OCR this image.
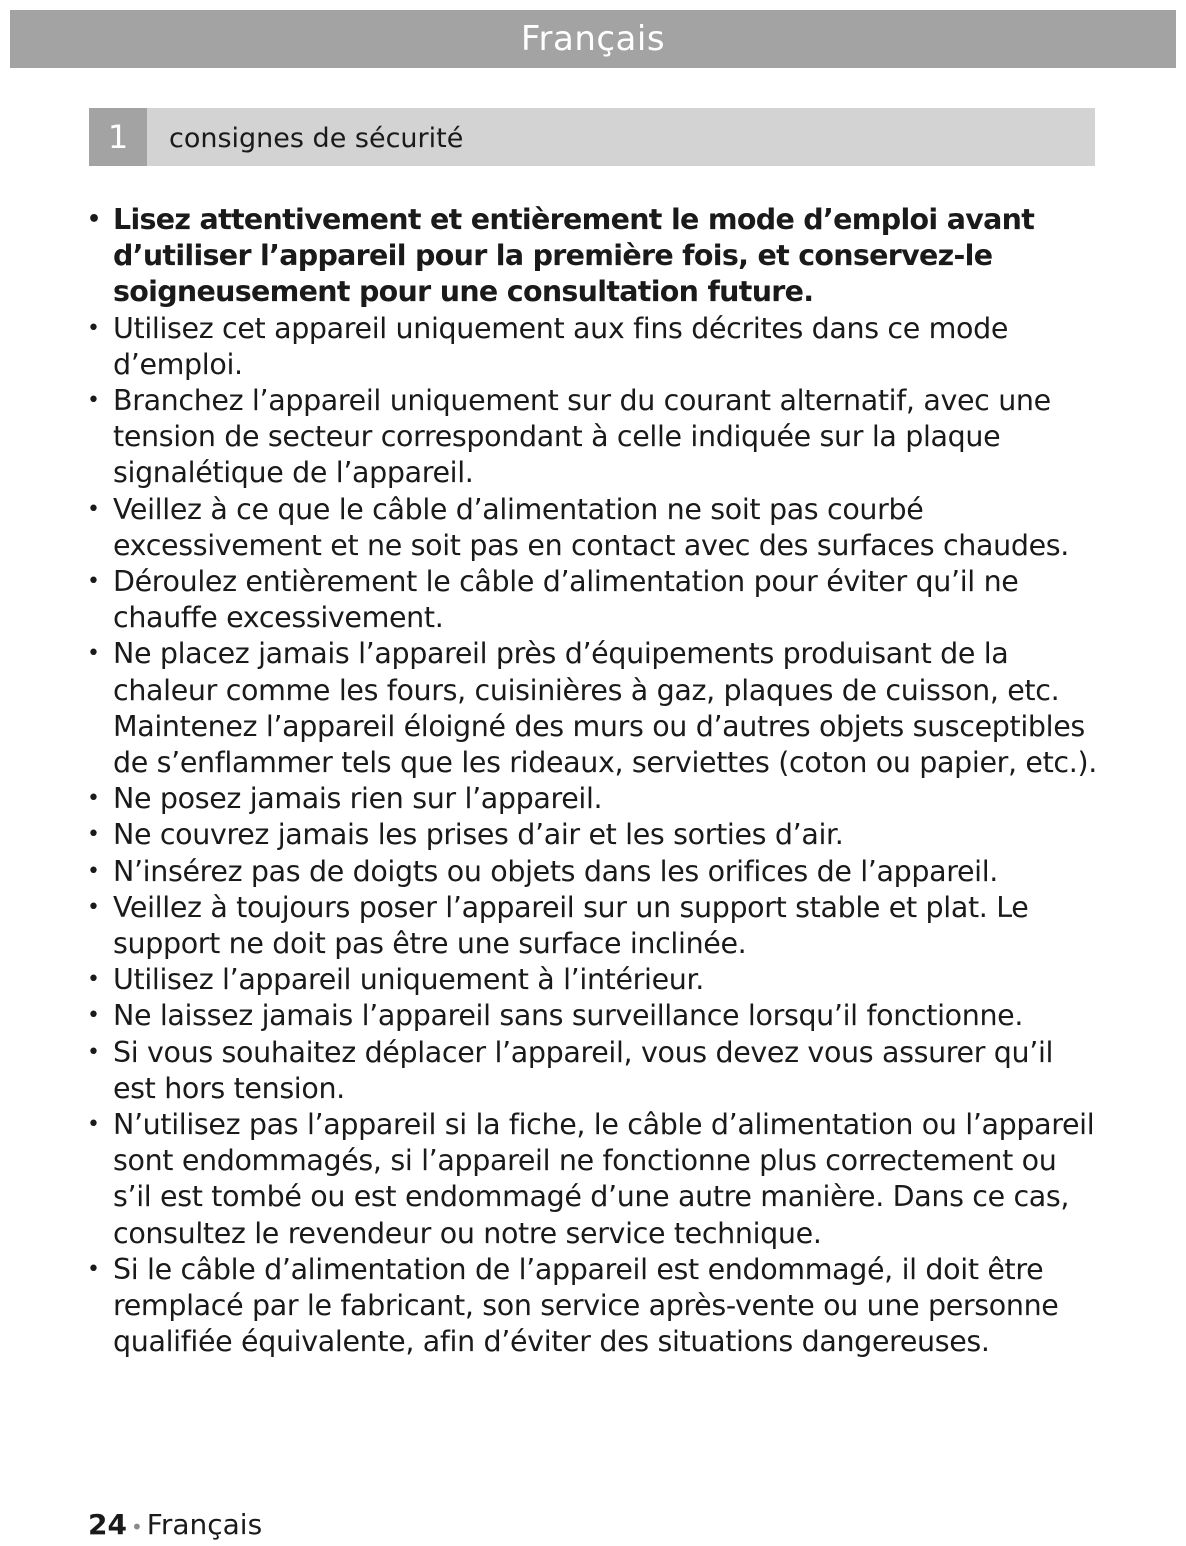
Français
1	consignes de sécurité
• Lisez attentivement et entièrement le mode d’emploi avant d’utiliser l’appareil pour la première fois, et conservez-le soigneusement pour une consultation future.
• Utilisez cet appareil uniquement aux fins décrites dans ce mode d’emploi.
• Branchez l’appareil uniquement sur du courant alternatif, avec une tension de secteur correspondant à celle indiquée sur la plaque signalétique de l’appareil.
• Veillez à ce que le câble d’alimentation ne soit pas courbé excessivement et ne soit pas en contact avec des surfaces chaudes.
• Déroulez entièrement le câble d’alimentation pour éviter qu’il ne chauffe excessivement.
• Ne placez jamais l’appareil près d’équipements produisant de la chaleur comme les fours, cuisinières à gaz, plaques de cuisson, etc. Maintenez l’appareil éloigné des murs ou d’autres objets susceptibles de s’enflammer tels que les rideaux, serviettes (coton ou papier, etc.).
• Ne posez jamais rien sur l’appareil.
• Ne couvrez jamais les prises d’air et les sorties d’air.
• N’insérez pas de doigts ou objets dans les orifices de l’appareil.
• Veillez à toujours poser l’appareil sur un support stable et plat. Le support ne doit pas être une surface inclinée.
• Utilisez l’appareil uniquement à l’intérieur.
• Ne laissez jamais l’appareil sans surveillance lorsqu’il fonctionne.
• Si vous souhaitez déplacer l’appareil, vous devez vous assurer qu’il est hors tension.
• N’utilisez pas l’appareil si la fiche, le câble d’alimentation ou l’appareil sont endommagés, si l’appareil ne fonctionne plus correctement ou s’il est tombé ou est endommagé d’une autre manière. Dans ce cas, consultez le revendeur ou notre service technique.
• Si le câble d’alimentation de l’appareil est endommagé, il doit être remplacé par le fabricant, son service après-vente ou une personne qualifiée équivalente, afin d’éviter des situations dangereuses.
24 • Français
